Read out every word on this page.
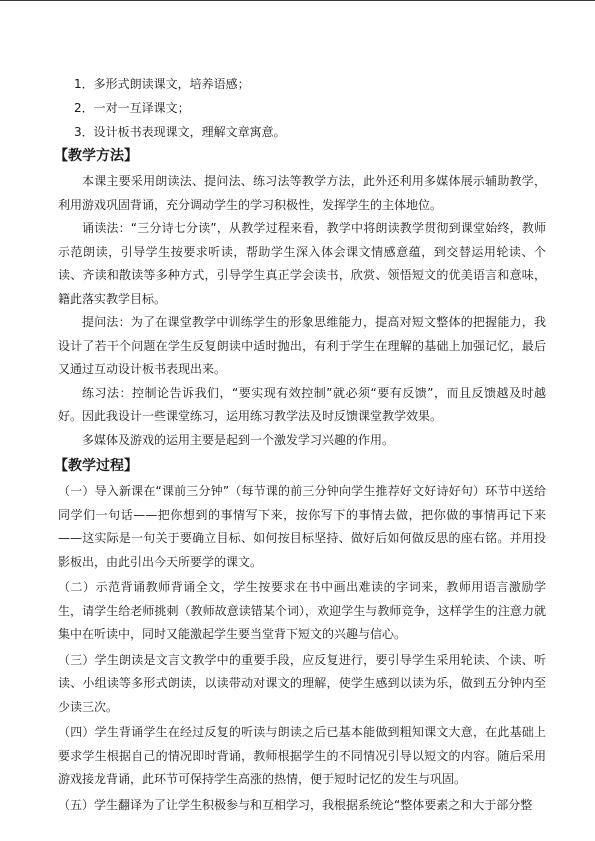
1．多形式朗读课文，培养语感；

2．一对一互译课文；

3．设计板书表现课文，理解文章寓意。

【教学方法】

本课主要采用朗读法、提问法、练习法等教学方法，此外还利用多媒体展示辅助教学，利用游戏巩固背诵，充分调动学生的学习积极性，发挥学生的主体地位。

诵读法：“三分诗七分读”，从教学过程来看，教学中将朗读教学贯彻到课堂始终，教师示范朗读，引导学生按要求听读，帮助学生深入体会课文情感意蕴，到交替运用轮读、个读、齐读和散读等多种方式，引导学生真正学会读书，欣赏、领悟短文的优美语言和意味，籍此落实教学目标。

提问法：为了在课堂教学中训练学生的形象思维能力，提高对短文整体的把握能力，我设计了若干个问题在学生反复朗读中适时抛出，有利于学生在理解的基础上加强记忆，最后又通过互动设计板书表现出来。

练习法：控制论告诉我们，“要实现有效控制”就必须“要有反馈”，而且反馈越及时越好。因此我设计一些课堂练习，运用练习教学法及时反馈课堂教学效果。

多媒体及游戏的运用主要是起到一个激发学习兴趣的作用。

【教学过程】

（一）导入新课在“课前三分钟”（每节课的前三分钟向学生推荐好文好诗好句）环节中送给同学们一句话——把你想到的事情写下来，按你写下的事情去做，把你做的事情再记下来——这实际是一句关于要确立目标、如何按目标坚持、做好后如何做反思的座右铭。并用投影板出，由此引出今天所要学的课文。

（二）示范背诵教师背诵全文，学生按要求在书中画出难读的字词来，教师用语言激励学生，请学生给老师挑刺（教师故意读错某个词），欢迎学生与教师竞争，这样学生的注意力就集中在听读中，同时又能激起学生要当堂背下短文的兴趣与信心。

（三）学生朗读是文言文教学中的重要手段，应反复进行，要引导学生采用轮读、个读、听读、小组读等多形式朗读，以读带动对课文的理解，使学生感到以读为乐，做到五分钟内至少读三次。

（四）学生背诵学生在经过反复的听读与朗读之后已基本能做到粗知课文大意，在此基础上要求学生根据自己的情况即时背诵，教师根据学生的不同情况引导以短文的内容。随后采用游戏接龙背诵，此环节可保持学生高涨的热情，便于短时记忆的发生与巩固。

（五）学生翻译为了让学生积极参与和互相学习，我根据系统论“整体要素之和大于部分整
